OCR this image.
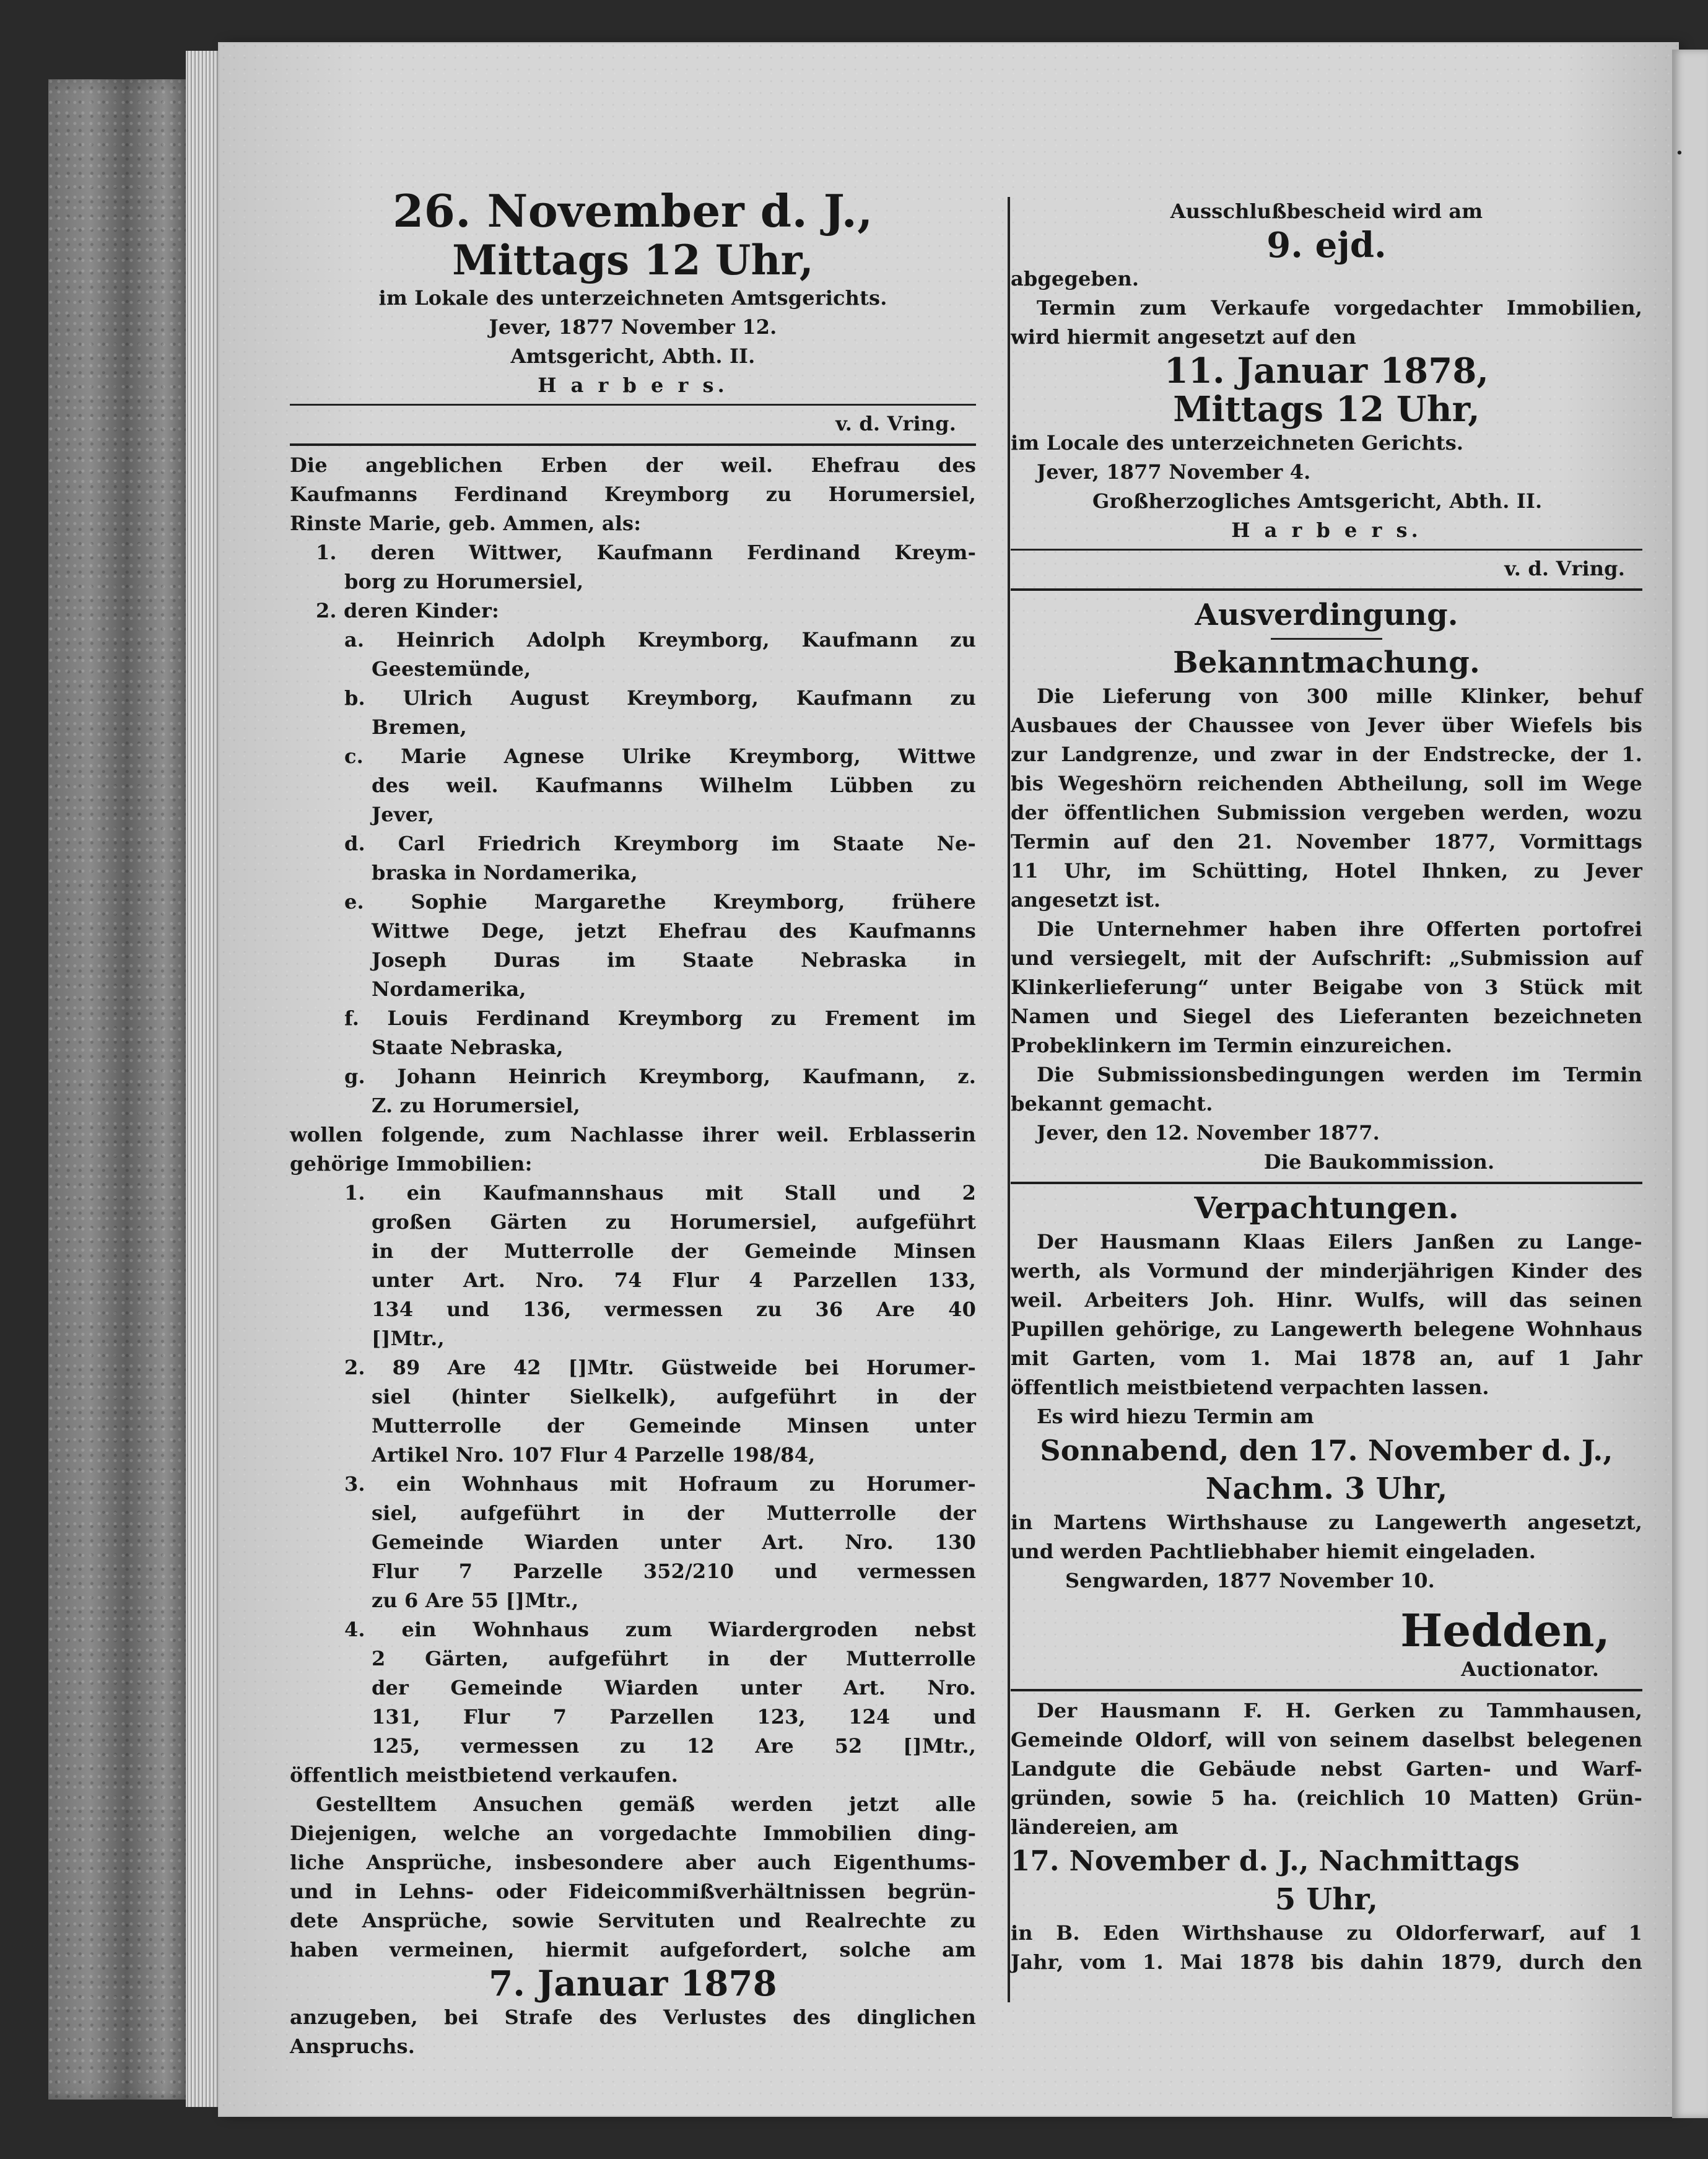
·

26. November d. J.,

Mittags 12 Uhr,

im Lokale des unterzeichneten Amtsgerichts.

Jever, 1877 November 12.

Amtsgericht, Abth. II.

H a r b e r s.

v. d. Vring.

Die angeblichen Erben der weil. Ehefrau des

Kaufmanns Ferdinand Kreymborg zu Horumersiel,

Rinste Marie, geb. Ammen, als:

1. deren Wittwer, Kaufmann Ferdinand Kreym-

borg zu Horumersiel,

2. deren Kinder:

a. Heinrich Adolph Kreymborg, Kaufmann zu

Geestemünde,

b. Ulrich August Kreymborg, Kaufmann zu

Bremen,

c. Marie Agnese Ulrike Kreymborg, Wittwe

des weil. Kaufmanns Wilhelm Lübben zu

Jever,

d. Carl Friedrich Kreymborg im Staate Ne-

braska in Nordamerika,

e. Sophie Margarethe Kreymborg, frühere

Wittwe Dege, jetzt Ehefrau des Kaufmanns

Joseph Duras im Staate Nebraska in

Nordamerika,

f. Louis Ferdinand Kreymborg zu Frement im

Staate Nebraska,

g. Johann Heinrich Kreymborg, Kaufmann, z.

Z. zu Horumersiel,

wollen folgende, zum Nachlasse ihrer weil. Erblasserin

gehörige Immobilien:

1. ein Kaufmannshaus mit Stall und 2

großen Gärten zu Horumersiel, aufgeführt

in der Mutterrolle der Gemeinde Minsen

unter Art. Nro. 74 Flur 4 Parzellen 133,

134 und 136, vermessen zu 36 Are 40

[]Mtr.,

2. 89 Are 42 []Mtr. Güstweide bei Horumer-

siel (hinter Sielkelk), aufgeführt in der

Mutterrolle der Gemeinde Minsen unter

Artikel Nro. 107 Flur 4 Parzelle 198/84,

3. ein Wohnhaus mit Hofraum zu Horumer-

siel, aufgeführt in der Mutterrolle der

Gemeinde Wiarden unter Art. Nro. 130

Flur 7 Parzelle 352/210 und vermessen

zu 6 Are 55 []Mtr.,

4. ein Wohnhaus zum Wiardergroden nebst

2 Gärten, aufgeführt in der Mutterrolle

der Gemeinde Wiarden unter Art. Nro.

131, Flur 7 Parzellen 123, 124 und

125, vermessen zu 12 Are 52 []Mtr.,

öffentlich meistbietend verkaufen.

Gestelltem Ansuchen gemäß werden jetzt alle

Diejenigen, welche an vorgedachte Immobilien ding-

liche Ansprüche, insbesondere aber auch Eigenthums-

und in Lehns- oder Fideicommißverhältnissen begrün-

dete Ansprüche, sowie Servituten und Realrechte zu

haben vermeinen, hiermit aufgefordert, solche am

7. Januar 1878

anzugeben, bei Strafe des Verlustes des dinglichen

Anspruchs.

Ausschlußbescheid wird am

9. ejd.

abgegeben.

Termin zum Verkaufe vorgedachter Immobilien,

wird hiermit angesetzt auf den

11. Januar 1878,

Mittags 12 Uhr,

im Locale des unterzeichneten Gerichts.

Jever, 1877 November 4.

Großherzogliches Amtsgericht, Abth. II.

H a r b e r s.

v. d. Vring.

Ausverdingung.

Bekanntmachung.

Die Lieferung von 300 mille Klinker, behuf

Ausbaues der Chaussee von Jever über Wiefels bis

zur Landgrenze, und zwar in der Endstrecke, der 1.

bis Wegeshörn reichenden Abtheilung, soll im Wege

der öffentlichen Submission vergeben werden, wozu

Termin auf den 21. November 1877, Vormittags

11 Uhr, im Schütting, Hotel Ihnken, zu Jever

angesetzt ist.

Die Unternehmer haben ihre Offerten portofrei

und versiegelt, mit der Aufschrift: „Submission auf

Klinkerlieferung“ unter Beigabe von 3 Stück mit

Namen und Siegel des Lieferanten bezeichneten

Probeklinkern im Termin einzureichen.

Die Submissionsbedingungen werden im Termin

bekannt gemacht.

Jever, den 12. November 1877.

Die Baukommission.

Verpachtungen.

Der Hausmann Klaas Eilers Janßen zu Lange-

werth, als Vormund der minderjährigen Kinder des

weil. Arbeiters Joh. Hinr. Wulfs, will das seinen

Pupillen gehörige, zu Langewerth belegene Wohnhaus

mit Garten, vom 1. Mai 1878 an, auf 1 Jahr

öffentlich meistbietend verpachten lassen.

Es wird hiezu Termin am

Sonnabend, den 17. November d. J.,

Nachm. 3 Uhr,

in Martens Wirthshause zu Langewerth angesetzt,

und werden Pachtliebhaber hiemit eingeladen.

Sengwarden, 1877 November 10.

Hedden,

Auctionator.

Der Hausmann F. H. Gerken zu Tammhausen,

Gemeinde Oldorf, will von seinem daselbst belegenen

Landgute die Gebäude nebst Garten- und Warf-

gründen, sowie 5 ha. (reichlich 10 Matten) Grün-

ländereien, am

17. November d. J., Nachmittags

5 Uhr,

in B. Eden Wirthshause zu Oldorferwarf, auf 1

Jahr, vom 1. Mai 1878 bis dahin 1879, durch den
